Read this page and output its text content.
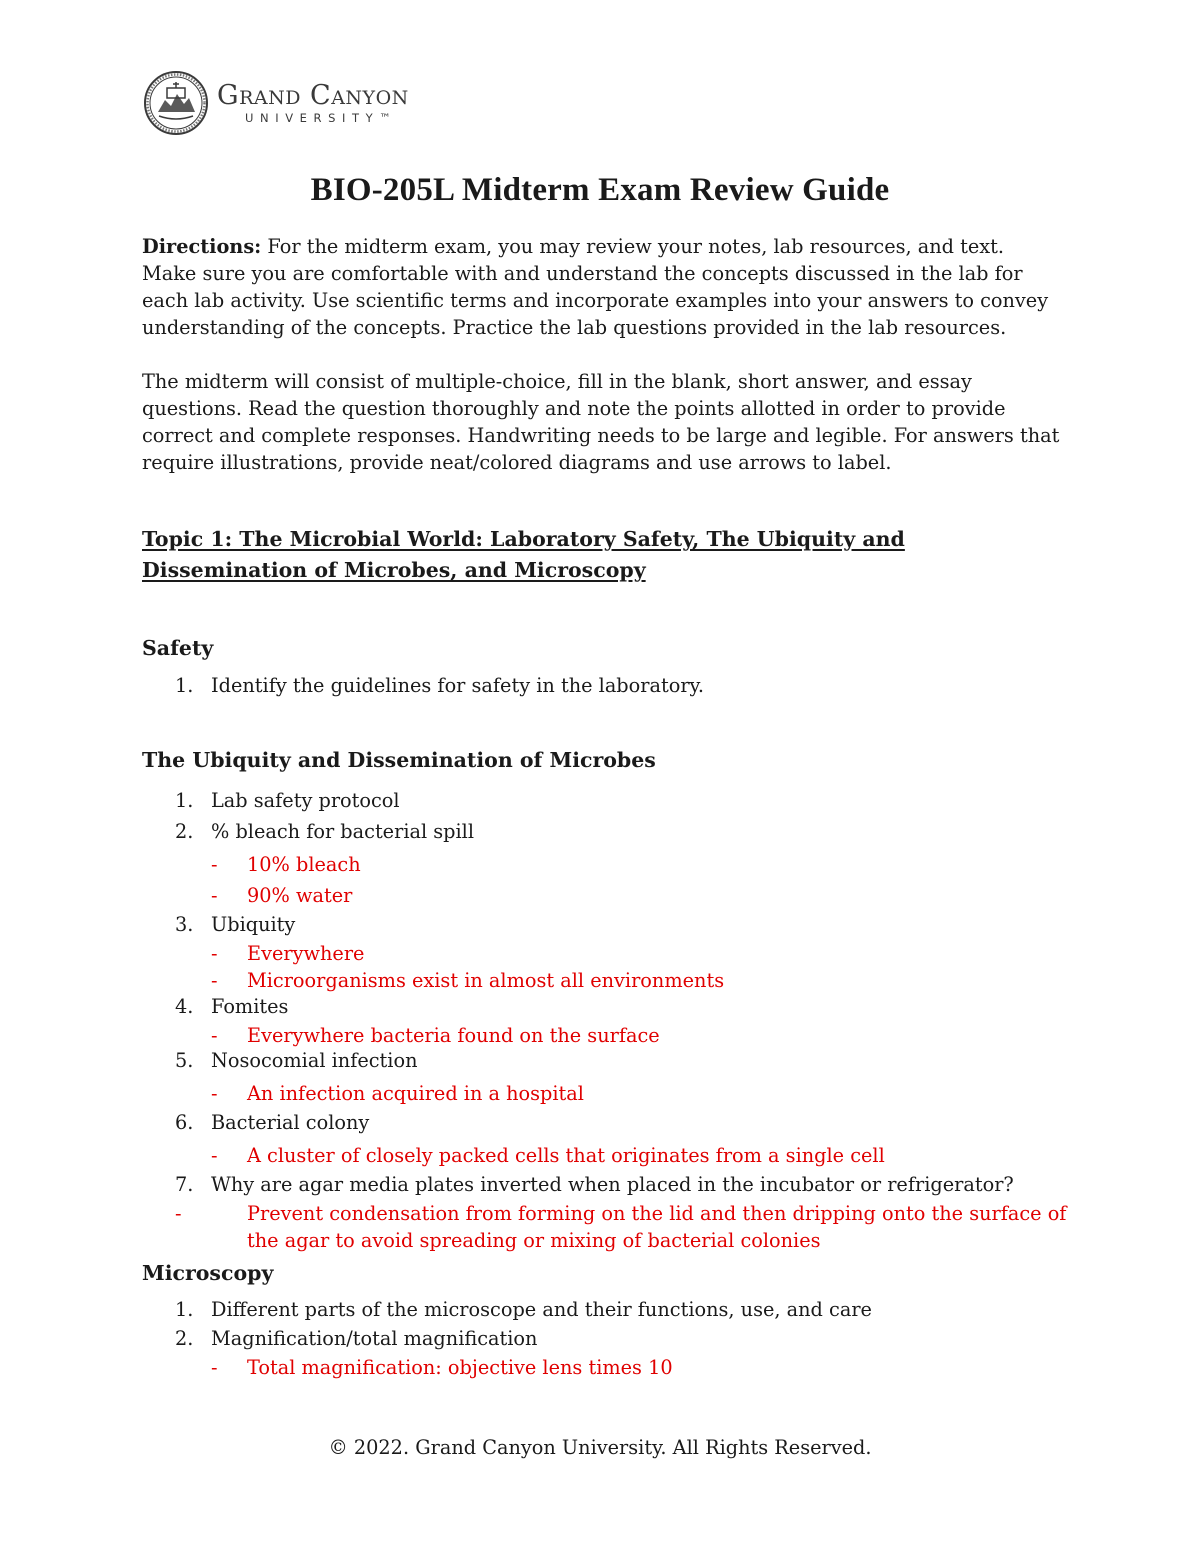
Grand Canyon
UNIVERSITY™
BIO-205L Midterm Exam Review Guide
Directions: For the midterm exam, you may review your notes, lab resources, and text. Make sure you are comfortable with and understand the concepts discussed in the lab for each lab activity. Use scientific terms and incorporate examples into your answers to convey understanding of the concepts. Practice the lab questions provided in the lab resources.
The midterm will consist of multiple-choice, fill in the blank, short answer, and essay questions. Read the question thoroughly and note the points allotted in order to provide correct and complete responses. Handwriting needs to be large and legible. For answers that require illustrations, provide neat/colored diagrams and use arrows to label.
Topic 1: The Microbial World: Laboratory Safety, The Ubiquity and
Dissemination of Microbes, and Microscopy
Safety
1. Identify the guidelines for safety in the laboratory.
The Ubiquity and Dissemination of Microbes
1. Lab safety protocol
2. % bleach for bacterial spill
- 10% bleach
- 90% water
3. Ubiquity
- Everywhere
- Microorganisms exist in almost all environments
4. Fomites
- Everywhere bacteria found on the surface
5. Nosocomial infection
- An infection acquired in a hospital
6. Bacterial colony
- A cluster of closely packed cells that originates from a single cell
7. Why are agar media plates inverted when placed in the incubator or refrigerator?
-	Prevent condensation from forming on the lid and then dripping onto the surface of the agar to avoid spreading or mixing of bacterial colonies
Microscopy
1. Different parts of the microscope and their functions, use, and care
2. Magnification/total magnification
- Total magnification: objective lens times 10
© 2022. Grand Canyon University. All Rights Reserved.
